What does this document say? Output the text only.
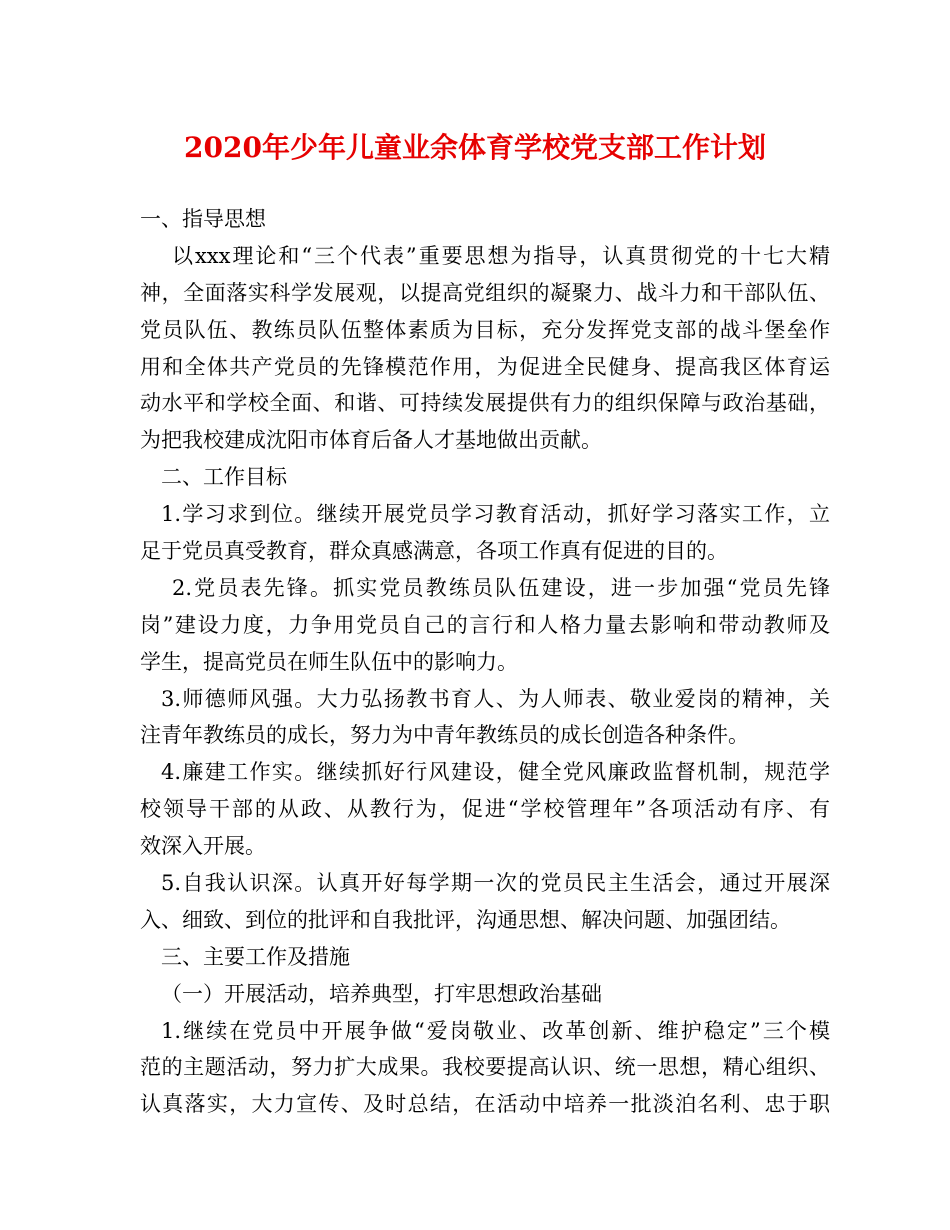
2020年少年儿童业余体育学校党支部工作计划
一、指导思想
以xxx理论和“三个代表”重要思想为指导，认真贯彻党的十七大精
神，全面落实科学发展观，以提高党组织的凝聚力、战斗力和干部队伍、
党员队伍、教练员队伍整体素质为目标，充分发挥党支部的战斗堡垒作
用和全体共产党员的先锋模范作用，为促进全民健身、提高我区体育运
动水平和学校全面、和谐、可持续发展提供有力的组织保障与政治基础，
为把我校建成沈阳市体育后备人才基地做出贡献。
二、工作目标
1.学习求到位。继续开展党员学习教育活动，抓好学习落实工作，立
足于党员真受教育，群众真感满意，各项工作真有促进的目的。
2.党员表先锋。抓实党员教练员队伍建设，进一步加强“党员先锋
岗”建设力度，力争用党员自己的言行和人格力量去影响和带动教师及
学生，提高党员在师生队伍中的影响力。
3.师德师风强。大力弘扬教书育人、为人师表、敬业爱岗的精神，关
注青年教练员的成长，努力为中青年教练员的成长创造各种条件。
4.廉建工作实。继续抓好行风建设，健全党风廉政监督机制，规范学
校领导干部的从政、从教行为，促进“学校管理年”各项活动有序、有
效深入开展。
5.自我认识深。认真开好每学期一次的党员民主生活会，通过开展深
入、细致、到位的批评和自我批评，沟通思想、解决问题、加强团结。
三、主要工作及措施
（一）开展活动，培养典型，打牢思想政治基础
1.继续在党员中开展争做“爱岗敬业、改革创新、维护稳定”三个模
范的主题活动，努力扩大成果。我校要提高认识、统一思想，精心组织、
认真落实，大力宣传、及时总结，在活动中培养一批淡泊名利、忠于职
